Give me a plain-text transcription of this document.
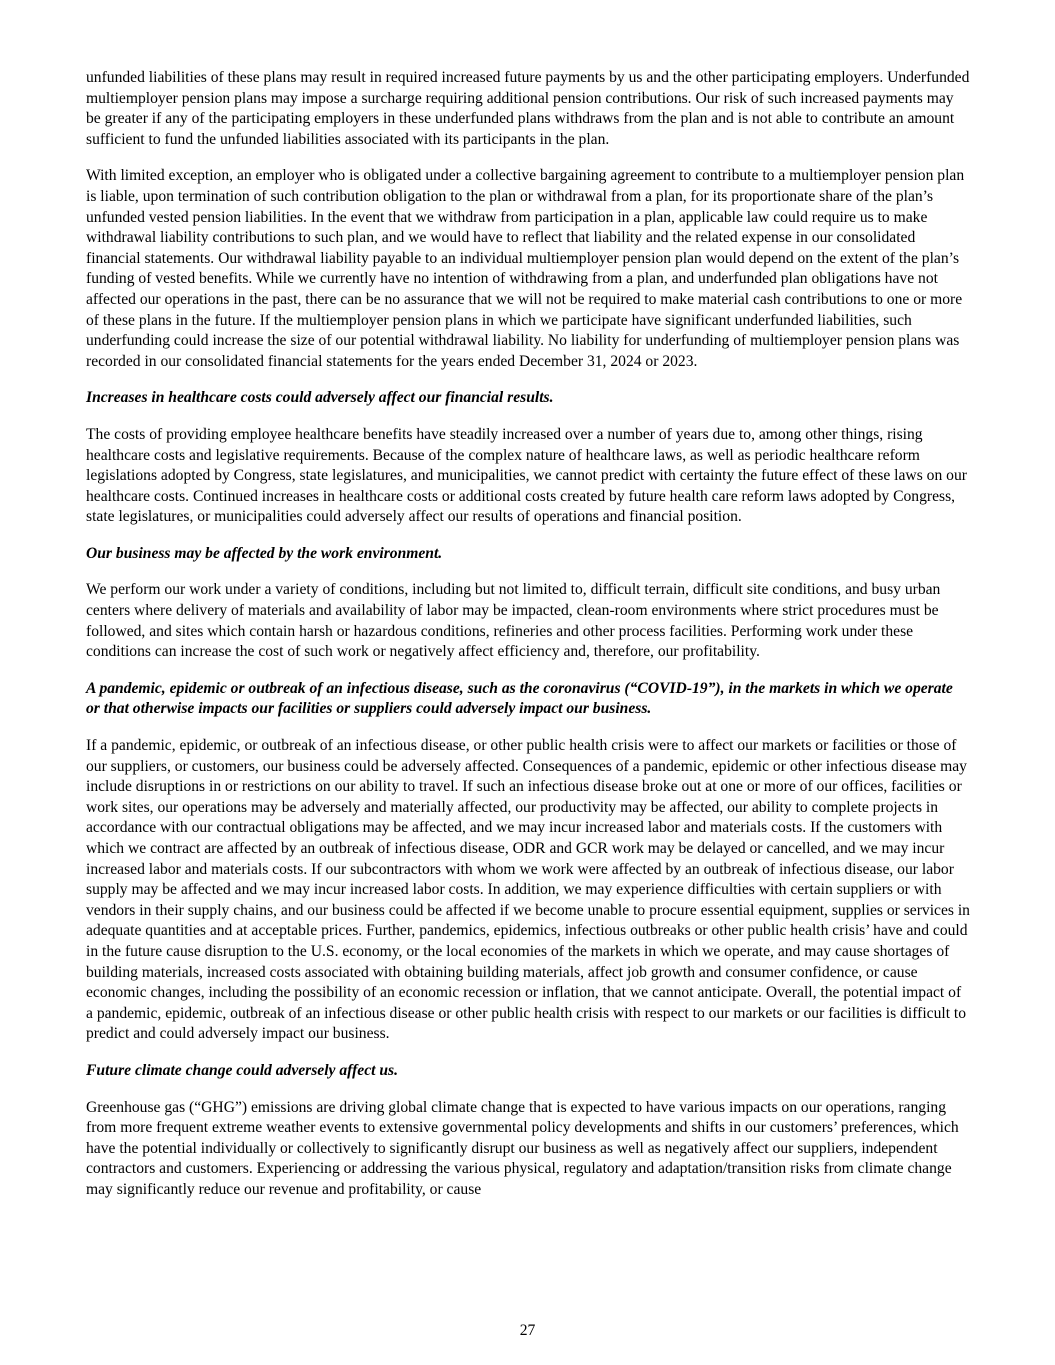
unfunded liabilities of these plans may result in required increased future payments by us and the other participating employers. Underfunded multiemployer pension plans may impose a surcharge requiring additional pension contributions. Our risk of such increased payments may be greater if any of the participating employers in these underfunded plans withdraws from the plan and is not able to contribute an amount sufficient to fund the unfunded liabilities associated with its participants in the plan.

With limited exception, an employer who is obligated under a collective bargaining agreement to contribute to a multiemployer pension plan is liable, upon termination of such contribution obligation to the plan or withdrawal from a plan, for its proportionate share of the plan’s unfunded vested pension liabilities. In the event that we withdraw from participation in a plan, applicable law could require us to make withdrawal liability contributions to such plan, and we would have to reflect that liability and the related expense in our consolidated financial statements. Our withdrawal liability payable to an individual multiemployer pension plan would depend on the extent of the plan’s funding of vested benefits. While we currently have no intention of withdrawing from a plan, and underfunded plan obligations have not affected our operations in the past, there can be no assurance that we will not be required to make material cash contributions to one or more of these plans in the future. If the multiemployer pension plans in which we participate have significant underfunded liabilities, such underfunding could increase the size of our potential withdrawal liability. No liability for underfunding of multiemployer pension plans was recorded in our consolidated financial statements for the years ended December 31, 2024 or 2023.

Increases in healthcare costs could adversely affect our financial results.

The costs of providing employee healthcare benefits have steadily increased over a number of years due to, among other things, rising healthcare costs and legislative requirements. Because of the complex nature of healthcare laws, as well as periodic healthcare reform legislations adopted by Congress, state legislatures, and municipalities, we cannot predict with certainty the future effect of these laws on our healthcare costs. Continued increases in healthcare costs or additional costs created by future health care reform laws adopted by Congress, state legislatures, or municipalities could adversely affect our results of operations and financial position.

Our business may be affected by the work environment.

We perform our work under a variety of conditions, including but not limited to, difficult terrain, difficult site conditions, and busy urban centers where delivery of materials and availability of labor may be impacted, clean-room environments where strict procedures must be followed, and sites which contain harsh or hazardous conditions, refineries and other process facilities. Performing work under these conditions can increase the cost of such work or negatively affect efficiency and, therefore, our profitability.

A pandemic, epidemic or outbreak of an infectious disease, such as the coronavirus (“COVID-19”), in the markets in which we operate or that otherwise impacts our facilities or suppliers could adversely impact our business.

If a pandemic, epidemic, or outbreak of an infectious disease, or other public health crisis were to affect our markets or facilities or those of our suppliers, or customers, our business could be adversely affected. Consequences of a pandemic, epidemic or other infectious disease may include disruptions in or restrictions on our ability to travel. If such an infectious disease broke out at one or more of our offices, facilities or work sites, our operations may be adversely and materially affected, our productivity may be affected, our ability to complete projects in accordance with our contractual obligations may be affected, and we may incur increased labor and materials costs. If the customers with which we contract are affected by an outbreak of infectious disease, ODR and GCR work may be delayed or cancelled, and we may incur increased labor and materials costs. If our subcontractors with whom we work were affected by an outbreak of infectious disease, our labor supply may be affected and we may incur increased labor costs. In addition, we may experience difficulties with certain suppliers or with vendors in their supply chains, and our business could be affected if we become unable to procure essential equipment, supplies or services in adequate quantities and at acceptable prices. Further, pandemics, epidemics, infectious outbreaks or other public health crisis’ have and could in the future cause disruption to the U.S. economy, or the local economies of the markets in which we operate, and may cause shortages of building materials, increased costs associated with obtaining building materials, affect job growth and consumer confidence, or cause economic changes, including the possibility of an economic recession or inflation, that we cannot anticipate. Overall, the potential impact of a pandemic, epidemic, outbreak of an infectious disease or other public health crisis with respect to our markets or our facilities is difficult to predict and could adversely impact our business.

Future climate change could adversely affect us.

Greenhouse gas (“GHG”) emissions are driving global climate change that is expected to have various impacts on our operations, ranging from more frequent extreme weather events to extensive governmental policy developments and shifts in our customers’ preferences, which have the potential individually or collectively to significantly disrupt our business as well as negatively affect our suppliers, independent contractors and customers. Experiencing or addressing the various physical, regulatory and adaptation/transition risks from climate change may significantly reduce our revenue and profitability, or cause

27
